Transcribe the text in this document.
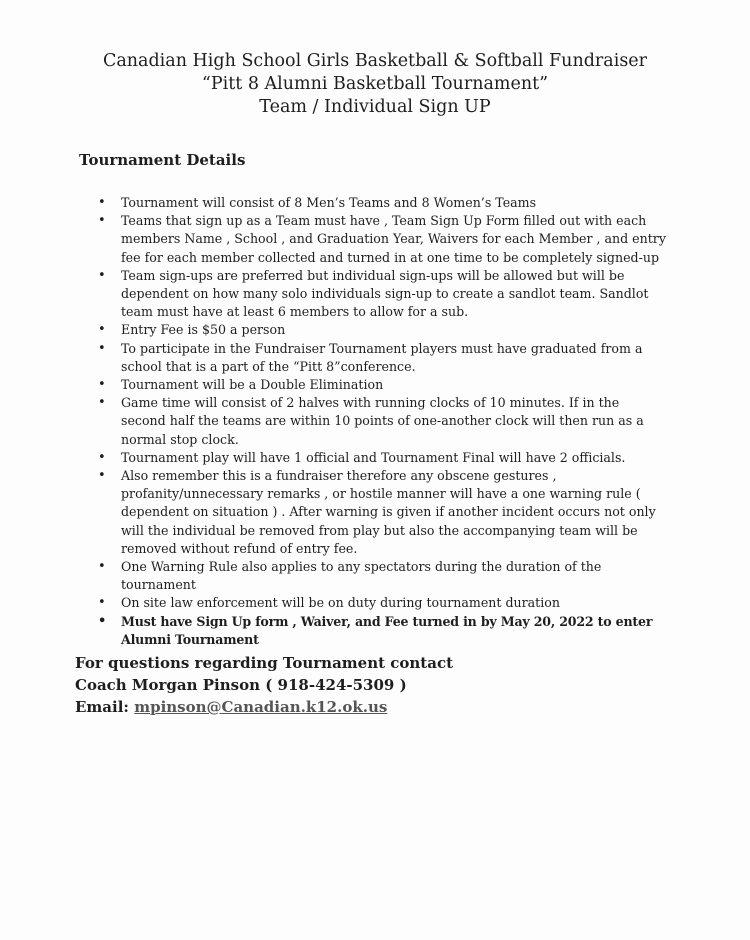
Canadian High School Girls Basketball & Softball Fundraiser
“Pitt 8 Alumni Basketball Tournament”
Team / Individual Sign UP
Tournament Details
• Tournament will consist of 8 Men’s Teams and 8 Women’s Teams
• Teams that sign up as a Team must have , Team Sign Up Form filled out with each members Name , School , and Graduation Year, Waivers for each Member , and entry fee for each member collected and turned in at one time to be completely signed-up
• Team sign-ups are preferred but individual sign-ups will be allowed but will be dependent on how many solo individuals sign-up to create a sandlot team. Sandlot team must have at least 6 members to allow for a sub.
• Entry Fee is $50 a person
• To participate in the Fundraiser Tournament players must have graduated from a school that is a part of the “Pitt 8”conference.
• Tournament will be a Double Elimination
• Game time will consist of 2 halves with running clocks of 10 minutes. If in the second half the teams are within 10 points of one-another clock will then run as a normal stop clock.
• Tournament play will have 1 official and Tournament Final will have 2 officials.
• Also remember this is a fundraiser therefore any obscene gestures , profanity/unnecessary remarks , or hostile manner will have a one warning rule ( dependent on situation ) . After warning is given if another incident occurs not only will the individual be removed from play but also the accompanying team will be removed without refund of entry fee.
• One Warning Rule also applies to any spectators during the duration of the tournament
• On site law enforcement will be on duty during tournament duration
• Must have Sign Up form , Waiver, and Fee turned in by May 20, 2022 to enter Alumni Tournament
For questions regarding Tournament contact
Coach Morgan Pinson ( 918-424-5309 )
Email: mpinson@Canadian.k12.ok.us
